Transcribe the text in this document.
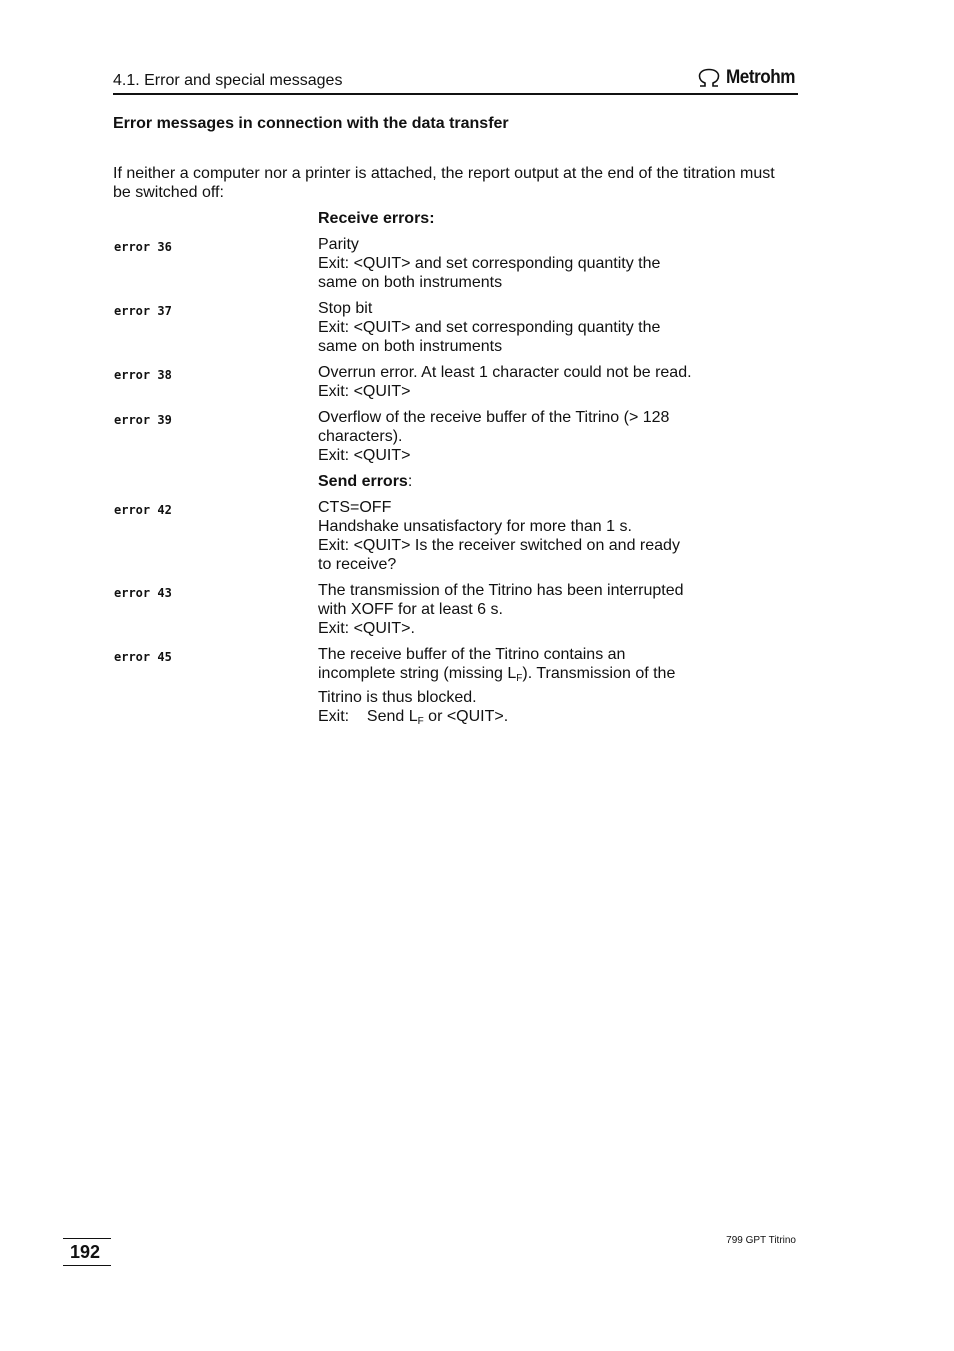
4.1. Error and special messages	Metrohm
Error messages in connection with the data transfer
If neither a computer nor a printer is attached, the report output at the end of the titration must be switched off:
Receive errors:
error 36	Parity
Exit: <QUIT> and set corresponding quantity the
same on both instruments
error 37	Stop bit
Exit: <QUIT> and set corresponding quantity the
same on both instruments
error 38	Overrun error. At least 1 character could not be read.
Exit: <QUIT>
error 39	Overflow of the receive buffer of the Titrino (> 128
characters).
Exit: <QUIT>
Send errors:
error 42	CTS=OFF
Handshake unsatisfactory for more than 1 s.
Exit: <QUIT> Is the receiver switched on and ready
to receive?
error 43	The transmission of the Titrino has been interrupted
with XOFF for at least 6 s.
Exit: <QUIT>.
error 45	The receive buffer of the Titrino contains an
incomplete string (missing $L_F$). Transmission of the
Titrino is thus blocked.
Exit:    Send $L_F$ or <QUIT>.
192
799 GPT Titrino
